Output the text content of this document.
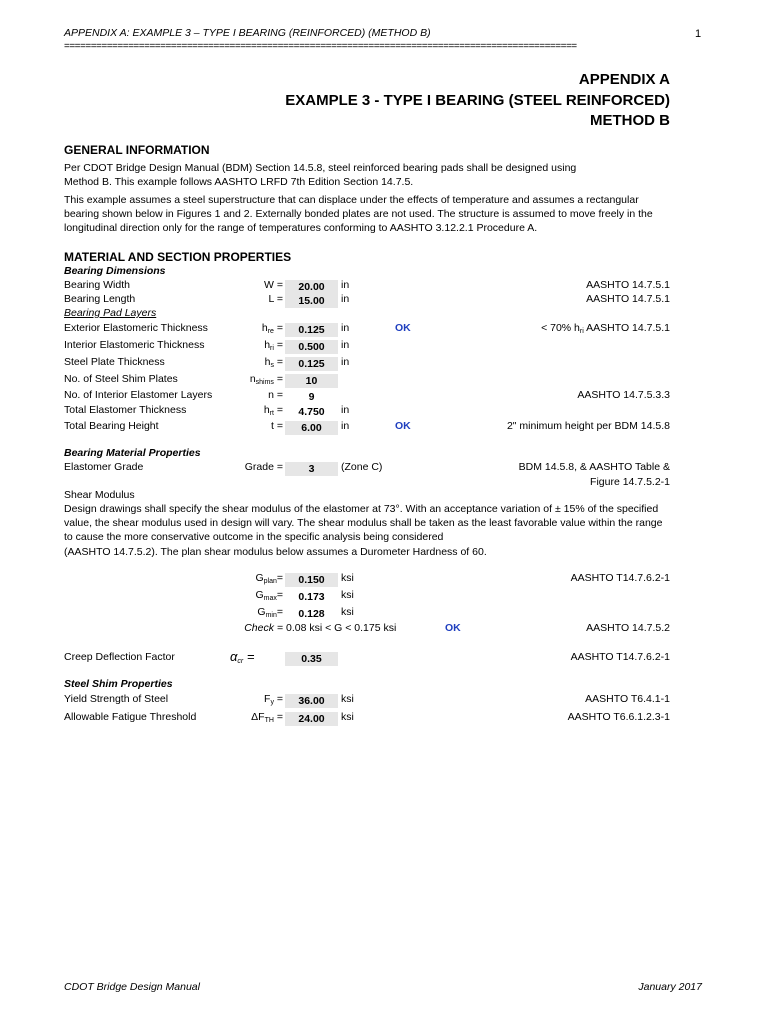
APPENDIX A: EXAMPLE 3 – TYPE I BEARING (REINFORCED) (METHOD B)	1
================================================================================================
APPENDIX A
EXAMPLE 3 - TYPE I BEARING (STEEL REINFORCED)
METHOD B
GENERAL INFORMATION
Per CDOT Bridge Design Manual (BDM) Section 14.5.8, steel reinforced bearing pads shall be designed using
Method B. This example follows AASHTO LRFD 7th Edition Section 14.7.5.
This example assumes a steel superstructure that can displace under the effects of temperature and assumes a rectangular bearing shown below in Figures 1 and 2. Externally bonded plates are not used. The structure is assumed to move freely in the longitudinal direction only for the range of temperatures conforming to AASHTO 3.12.2.1 Procedure A.
MATERIAL AND SECTION PROPERTIES
Bearing Dimensions
Bearing Width	W =	20.00	in	AASHTO 14.7.5.1
Bearing Length	L =	15.00	in	AASHTO 14.7.5.1
Bearing Pad Layers
Exterior Elastomeric Thickness	$h_{re}$ =	0.125	in	OK	< 70% $h_{ri}$ AASHTO 14.7.5.1
Interior Elastomeric Thickness	$h_{ri}$ =	0.500	in
Steel Plate Thickness	$h_s$ =	0.125	in
No. of Steel Shim Plates	$n_{shims}$ =	10
No. of Interior Elastomer Layers	n =	9	AASHTO 14.7.5.3.3
Total Elastomer Thickness	$h_{rt}$ =	4.750	in
Total Bearing Height	t =	6.00	in	OK	2" minimum height per BDM 14.5.8
Bearing Material Properties
Elastomer Grade	Grade =	3	(Zone C)	BDM 14.5.8, & AASHTO Table &
Figure 14.7.5.2-1
Shear Modulus
Design drawings shall specify the shear modulus of the elastomer at 73°. With an acceptance variation of ± 15% of the specified value, the shear modulus used in design will vary. The shear modulus shall be taken as the least favorable value within the range to cause the more conservative outcome in the specific analysis being considered
(AASHTO 14.7.5.2). The plan shear modulus below assumes a Durometer Hardness of 60.
$G_{plan}=$	0.150	ksi	AASHTO T14.7.6.2-1
$G_{max}=$	0.173	ksi
$G_{min}=$	0.128	ksi
Check = 0.08 ksi < G < 0.175 ksi	OK	AASHTO 14.7.5.2
Creep Deflection Factor	$\alpha_{cr}$ =	0.35	AASHTO T14.7.6.2-1
Steel Shim Properties
Yield Strength of Steel	$F_y$ =	36.00	ksi	AASHTO T6.4.1-1
Allowable Fatigue Threshold	$\Delta F_{TH}$ =	24.00	ksi	AASHTO T6.6.1.2.3-1
CDOT Bridge Design Manual	January 2017
